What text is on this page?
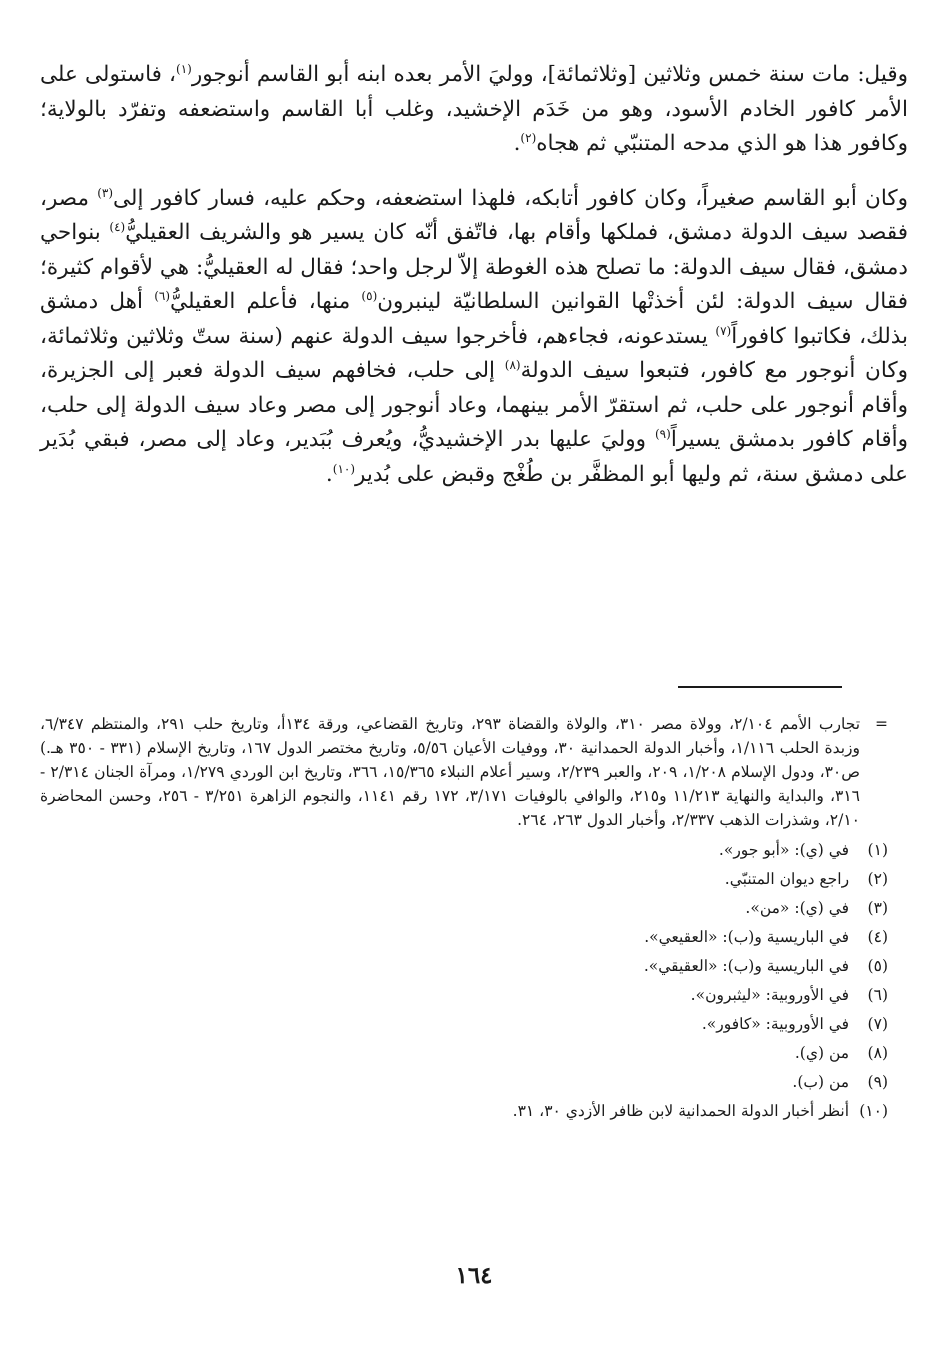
وقيل: مات سنة خمس وثلاثين [وثلاثمائة]، ووليَ الأمر بعده ابنه أبو القاسم أنوجور$^{(١)}$، فاستولى على الأمر كافور الخادم الأسود، وهو من خَدَم الإخشيد، وغلب أبا القاسم واستضعفه وتفرّد بالولاية؛ وكافور هذا هو الذي مدحه المتنبّي ثم هجاه$^{(٢)}$.

وكان أبو القاسم صغيراً، وكان كافور أتابكه، فلهذا استضعفه، وحكم عليه، فسار كافور إلى$^{(٣)}$ مصر، فقصد سيف الدولة دمشق، فملكها وأقام بها، فاتّفق أنّه كان يسير هو والشريف العقيليُّ$^{(٤)}$ بنواحي دمشق، فقال سيف الدولة: ما تصلح هذه الغوطة إلاّ لرجل واحد؛ فقال له العقيليُّ: هي لأقوام كثيرة؛ فقال سيف الدولة: لئن أخذتْها القوانين السلطانيّة لينبرون$^{(٥)}$ منها، فأعلم العقيليُّ$^{(٦)}$ أهل دمشق بذلك، فكاتبوا كافوراً$^{(٧)}$ يستدعونه، فجاءهم، فأخرجوا سيف الدولة عنهم (سنة ستّ وثلاثين وثلاثمائة، وكان أنوجور مع كافور، فتبعوا سيف الدولة$^{(٨)}$ إلى حلب، فخافهم سيف الدولة فعبر إلى الجزيرة، وأقام أنوجور على حلب، ثم استقرّ الأمر بينهما، وعاد أنوجور إلى مصر وعاد سيف الدولة إلى حلب، وأقام كافور بدمشق يسيراً$^{(٩)}$ ووليَ عليها بدر الإخشيديُّ، ويُعرف بُبَدير، وعاد إلى مصر، فبقي بُدَير على دمشق سنة، ثم وليها أبو المظفَّر بن طُغْج وقبض على بُدير$^{(١٠)}$.

=
تجارب الأمم ٢/١٠٤، وولاة مصر ٣١٠، والولاة والقضاة ٢٩٣، وتاريخ القضاعي، ورقة ١٣٤أ، وتاريخ حلب ٢٩١، والمنتظم ٦/٣٤٧، وزبدة الحلب ١/١١٦، وأخبار الدولة الحمدانية ٣٠، ووفيات الأعيان ٥/٥٦، وتاريخ مختصر الدول ١٦٧، وتاريخ الإسلام (٣٣١ - ٣٥٠ هـ.) ص٣٠، ودول الإسلام ١/٢٠٨، ٢٠٩، والعبر ٢/٢٣٩، وسير أعلام النبلاء ١٥/٣٦٥، ٣٦٦، وتاريخ ابن الوردي ١/٢٧٩، ومرآة الجنان ٢/٣١٤ - ٣١٦، والبداية والنهاية ١١/٢١٣ و٢١٥، والوافي بالوفيات ٣/١٧١، ١٧٢ رقم ١١٤١، والنجوم الزاهرة ٣/٢٥١ - ٢٥٦، وحسن المحاضرة ٢/١٠، وشذرات الذهب ٢/٣٣٧، وأخبار الدول ٢٦٣، ٢٦٤.
(١) في (ي): «أبو جور».
(٢) راجع ديوان المتنبّي.
(٣) في (ي): «من».
(٤) في الباريسية و(ب): «العقيعي».
(٥) في الباريسية و(ب): «العقيقي».
(٦) في الأوروبية: «ليثبرون».
(٧) في الأوروبية: «كافور».
(٨) من (ي).
(٩) من (ب).
(١٠) أنظر أخبار الدولة الحمدانية لابن ظافر الأزدي ٣٠، ٣١.
١٦٤
